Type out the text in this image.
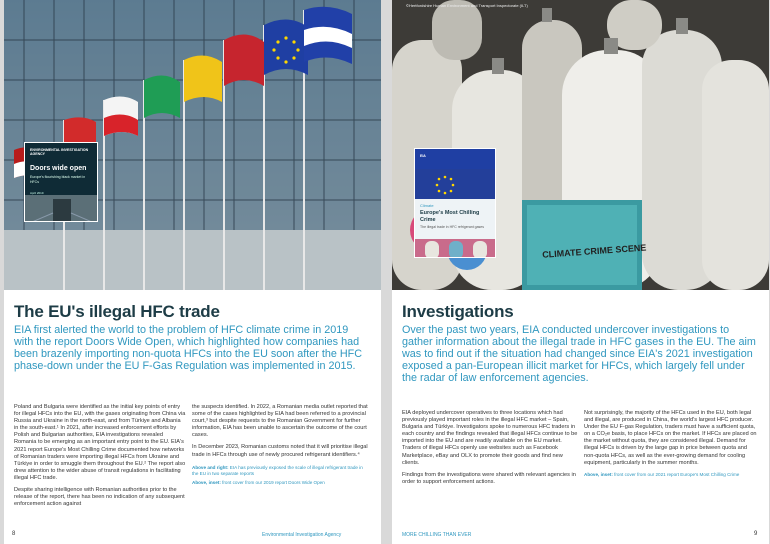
ENVIRONMENTAL INVESTIGATION AGENCY
Doors wide open
Europe's flourishing black market in HFCs
April 2019
The EU's illegal HFC trade
EIA first alerted the world to the problem of HFC climate crime in 2019 with the report Doors Wide Open, which highlighted how companies had been brazenly importing non-quota HFCs into the EU soon after the HFC phase-down under the EU F-Gas Regulation was implemented in 2015.

Poland and Bulgaria were identified as the initial key points of entry for illegal HFCs into the EU, with the gases originating from China via Russia and Ukraine in the north-east, and from Türkiye and Albania in the south-east.¹ In 2021, after increased enforcement efforts by Polish and Bulgarian authorities, EIA investigations revealed Romania to be emerging as an important entry point to the EU. EIA's 2021 report Europe's Most Chilling Crime documented how networks of Romanian traders were importing illegal HFCs from Ukraine and Türkiye in order to smuggle them throughout the EU.² The report also drew attention to the wider abuse of transit regulations in facilitating illegal HFC trade.

Despite sharing intelligence with Romanian authorities prior to the release of the report, there has been no indication of any subsequent enforcement action against

the suspects identified. In 2022, a Romanian media outlet reported that some of the cases highlighted by EIA had been referred to a provincial court,³ but despite requests to the Romanian Government for further information, EIA has been unable to ascertain the outcome of the court cases.

In December 2023, Romanian customs noted that it will prioritise illegal trade in HFCs through use of newly procured refrigerant identifiers.⁴

Above and right: EIA has previously exposed the scale of illegal refrigerant trade in the EU in two separate reports
Above, inset: front cover from our 2019 report Doors Wide Open
8	Environmental Investigation Agency
CLIMATE CRIME SCENE
©Hertfordshire Human Environment and Transport Inspectorate (ILT)
EIA
Climate
Europe's Most Chilling Crime
The illegal trade in HFC refrigerant gases
Investigations
Over the past two years, EIA conducted undercover investigations to gather information about the illegal trade in HFC gases in the EU. The aim was to find out if the situation had changed since EIA's 2021 investigation exposed a pan-European illicit market for HFCs, which largely fell under the radar of law enforcement agencies.

EIA deployed undercover operatives to three locations which had previously played important roles in the illegal HFC market – Spain, Bulgaria and Türkiye. Investigators spoke to numerous HFC traders in each country and the findings revealed that illegal HFCs continue to be imported into the EU and are readily available on the EU market. Traders of illegal HFCs openly use websites such as Facebook Marketplace, eBay and OLX to promote their goods and find new clients.

Findings from the investigations were shared with relevant agencies in order to support enforcement actions.

Not surprisingly, the majority of the HFCs used in the EU, both legal and illegal, are produced in China, the world's largest HFC producer. Under the EU F-gas Regulation, traders must have a sufficient quota, on a CO₂e basis, to place HFCs on the market. If HFCs are placed on the market without quota, they are considered illegal. Demand for illegal HFCs is driven by the large gap in price between quota and non-quota HFCs, as well as the ever-growing demand for cooling equipment, particularly in the summer months.

Above, inset: front cover from our 2021 report Europe's Most Chilling Crime
MORE CHILLING THAN EVER	9
